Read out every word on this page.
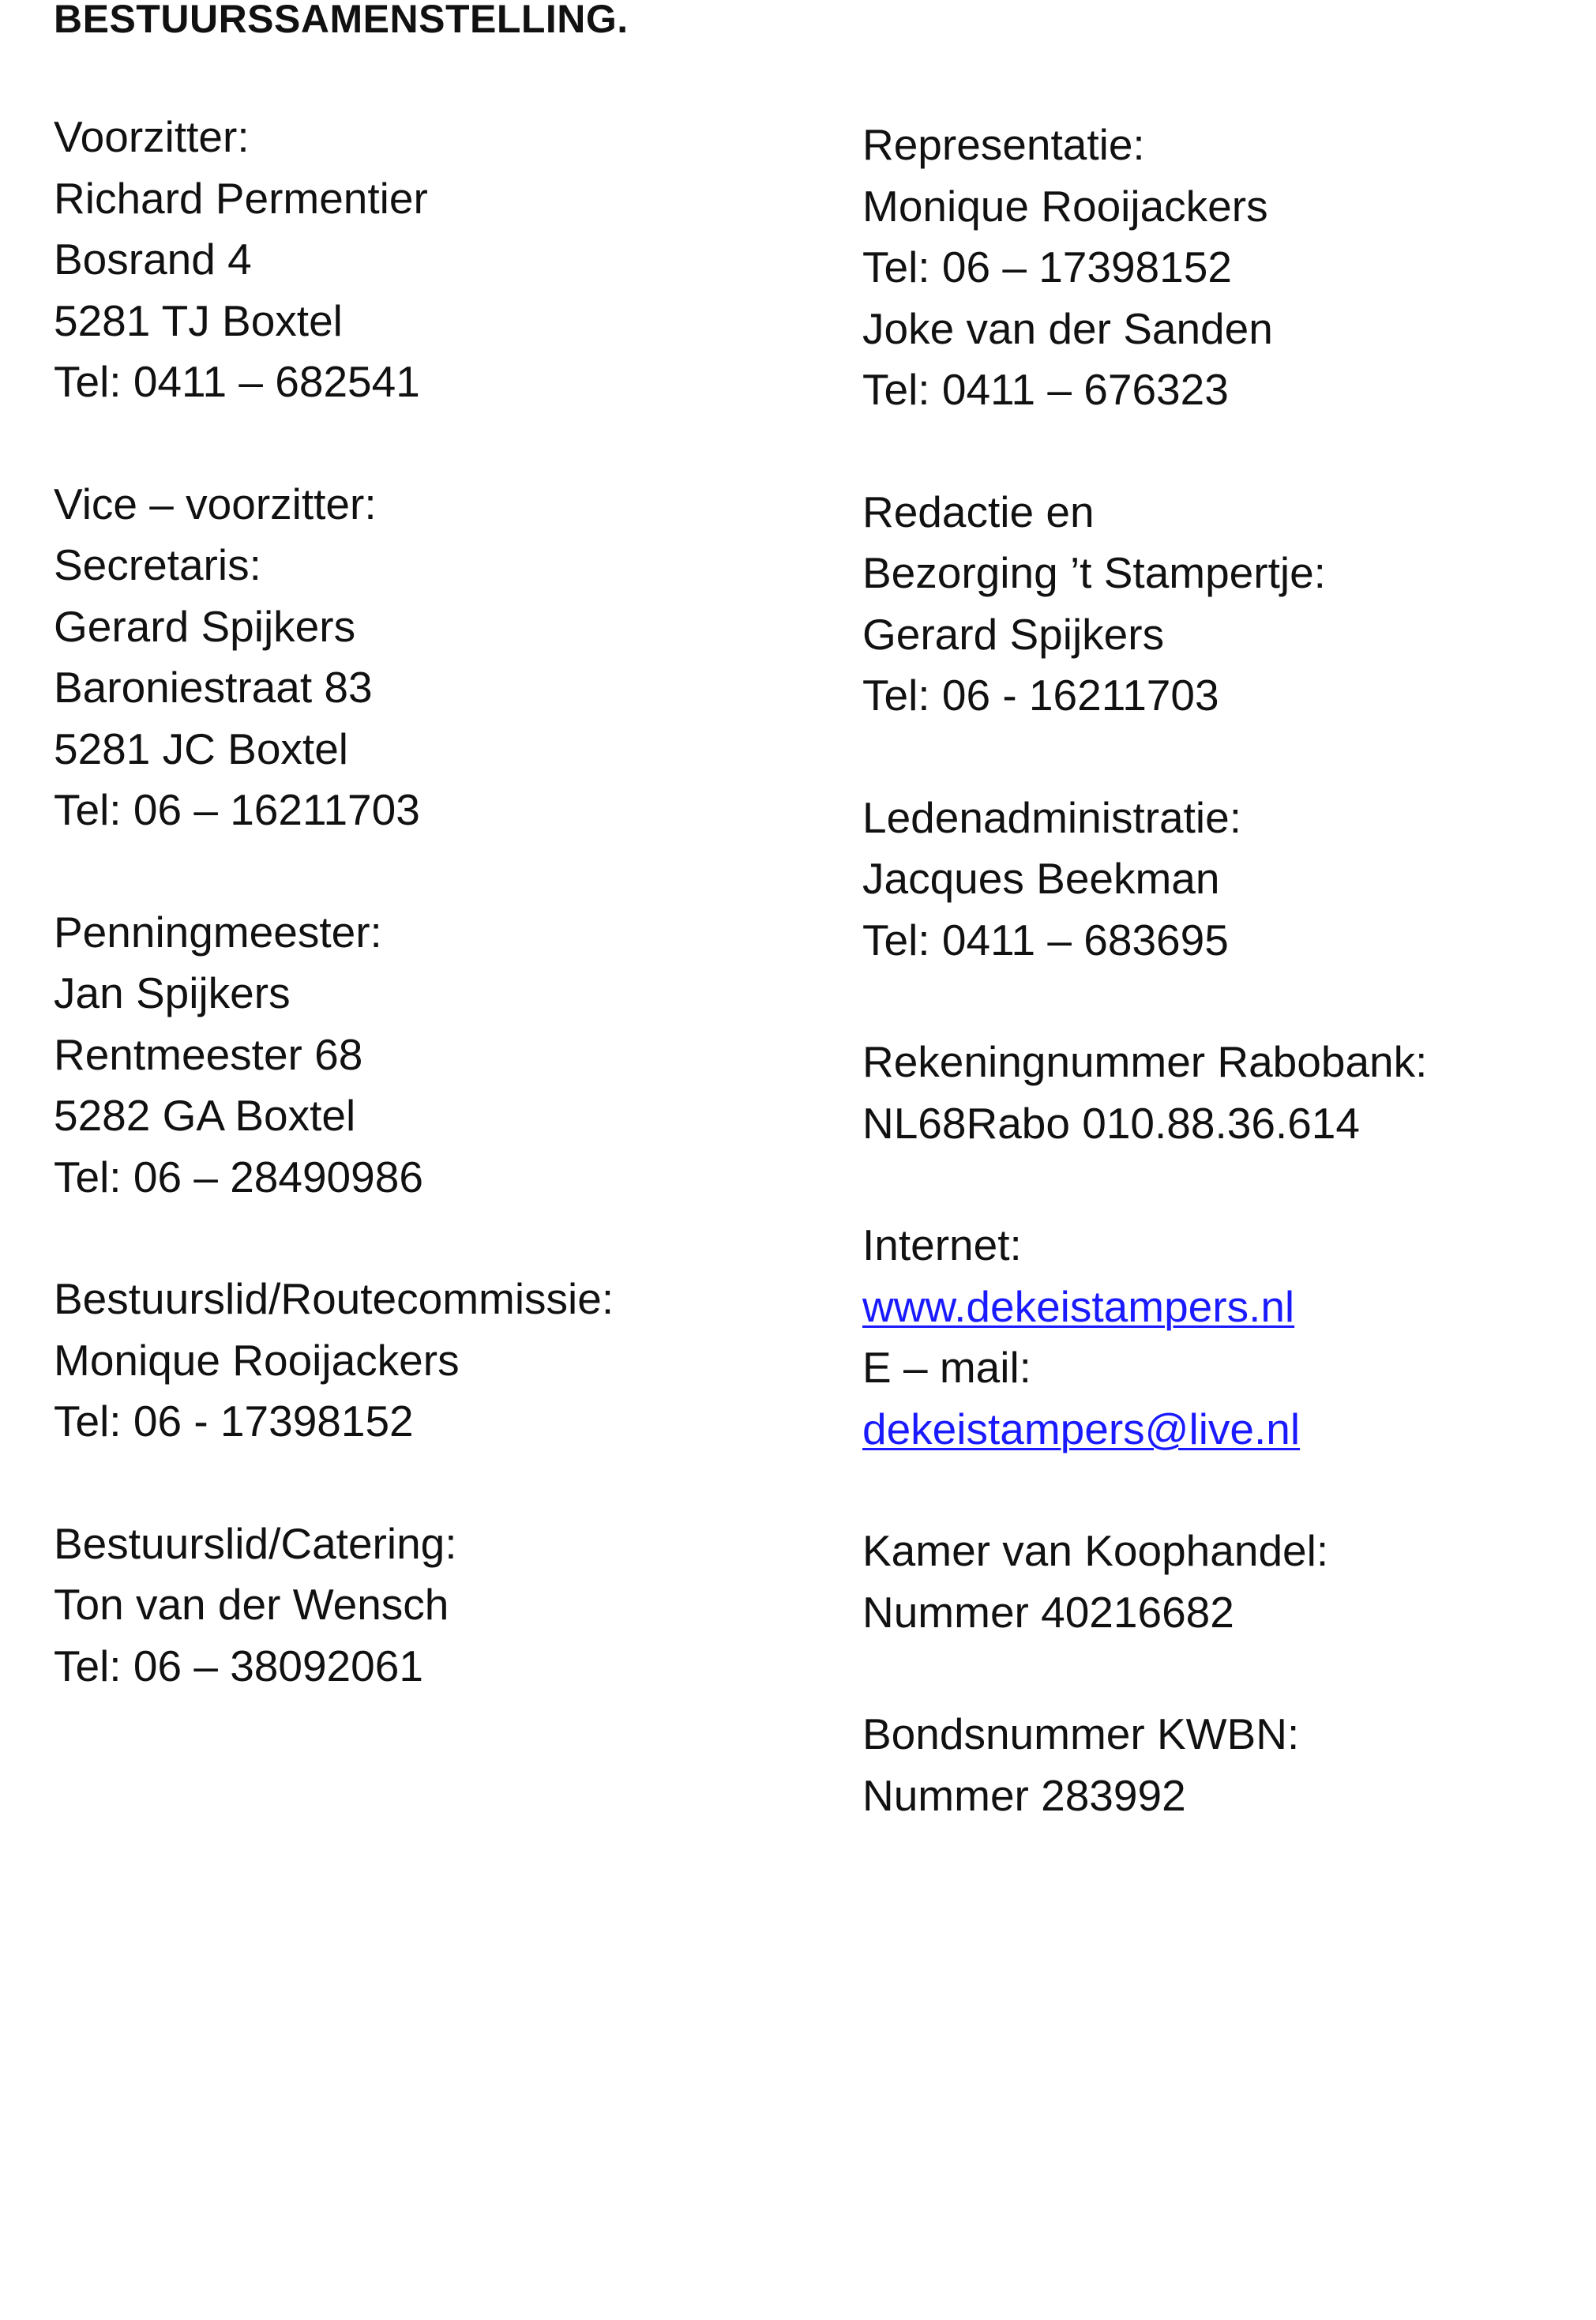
BESTUURSSAMENSTELLING.
Voorzitter:
Richard Permentier
Bosrand 4
5281 TJ Boxtel
Tel: 0411 – 682541
Vice – voorzitter:
Secretaris:
Gerard Spijkers
Baroniestraat 83
5281 JC Boxtel
Tel: 06 – 16211703
Penningmeester:
Jan Spijkers
Rentmeester 68
5282 GA Boxtel
Tel: 06 – 28490986
Bestuurslid/Routecommissie:
Monique Rooijackers
Tel: 06 - 17398152
Bestuurslid/Catering:
Ton van der Wensch
Tel: 06 – 38092061
Representatie:
Monique Rooijackers
Tel: 06 – 17398152
Joke van der Sanden
Tel: 0411 – 676323
Redactie en
Bezorging ’t Stampertje:
Gerard Spijkers
Tel: 06 - 16211703
Ledenadministratie:
Jacques Beekman
Tel: 0411 – 683695
Rekeningnummer Rabobank:
NL68Rabo 010.88.36.614
Internet:
www.dekeistampers.nl
E – mail:
dekeistampers@live.nl
Kamer van Koophandel:
Nummer 40216682
Bondsnummer KWBN:
Nummer 283992
